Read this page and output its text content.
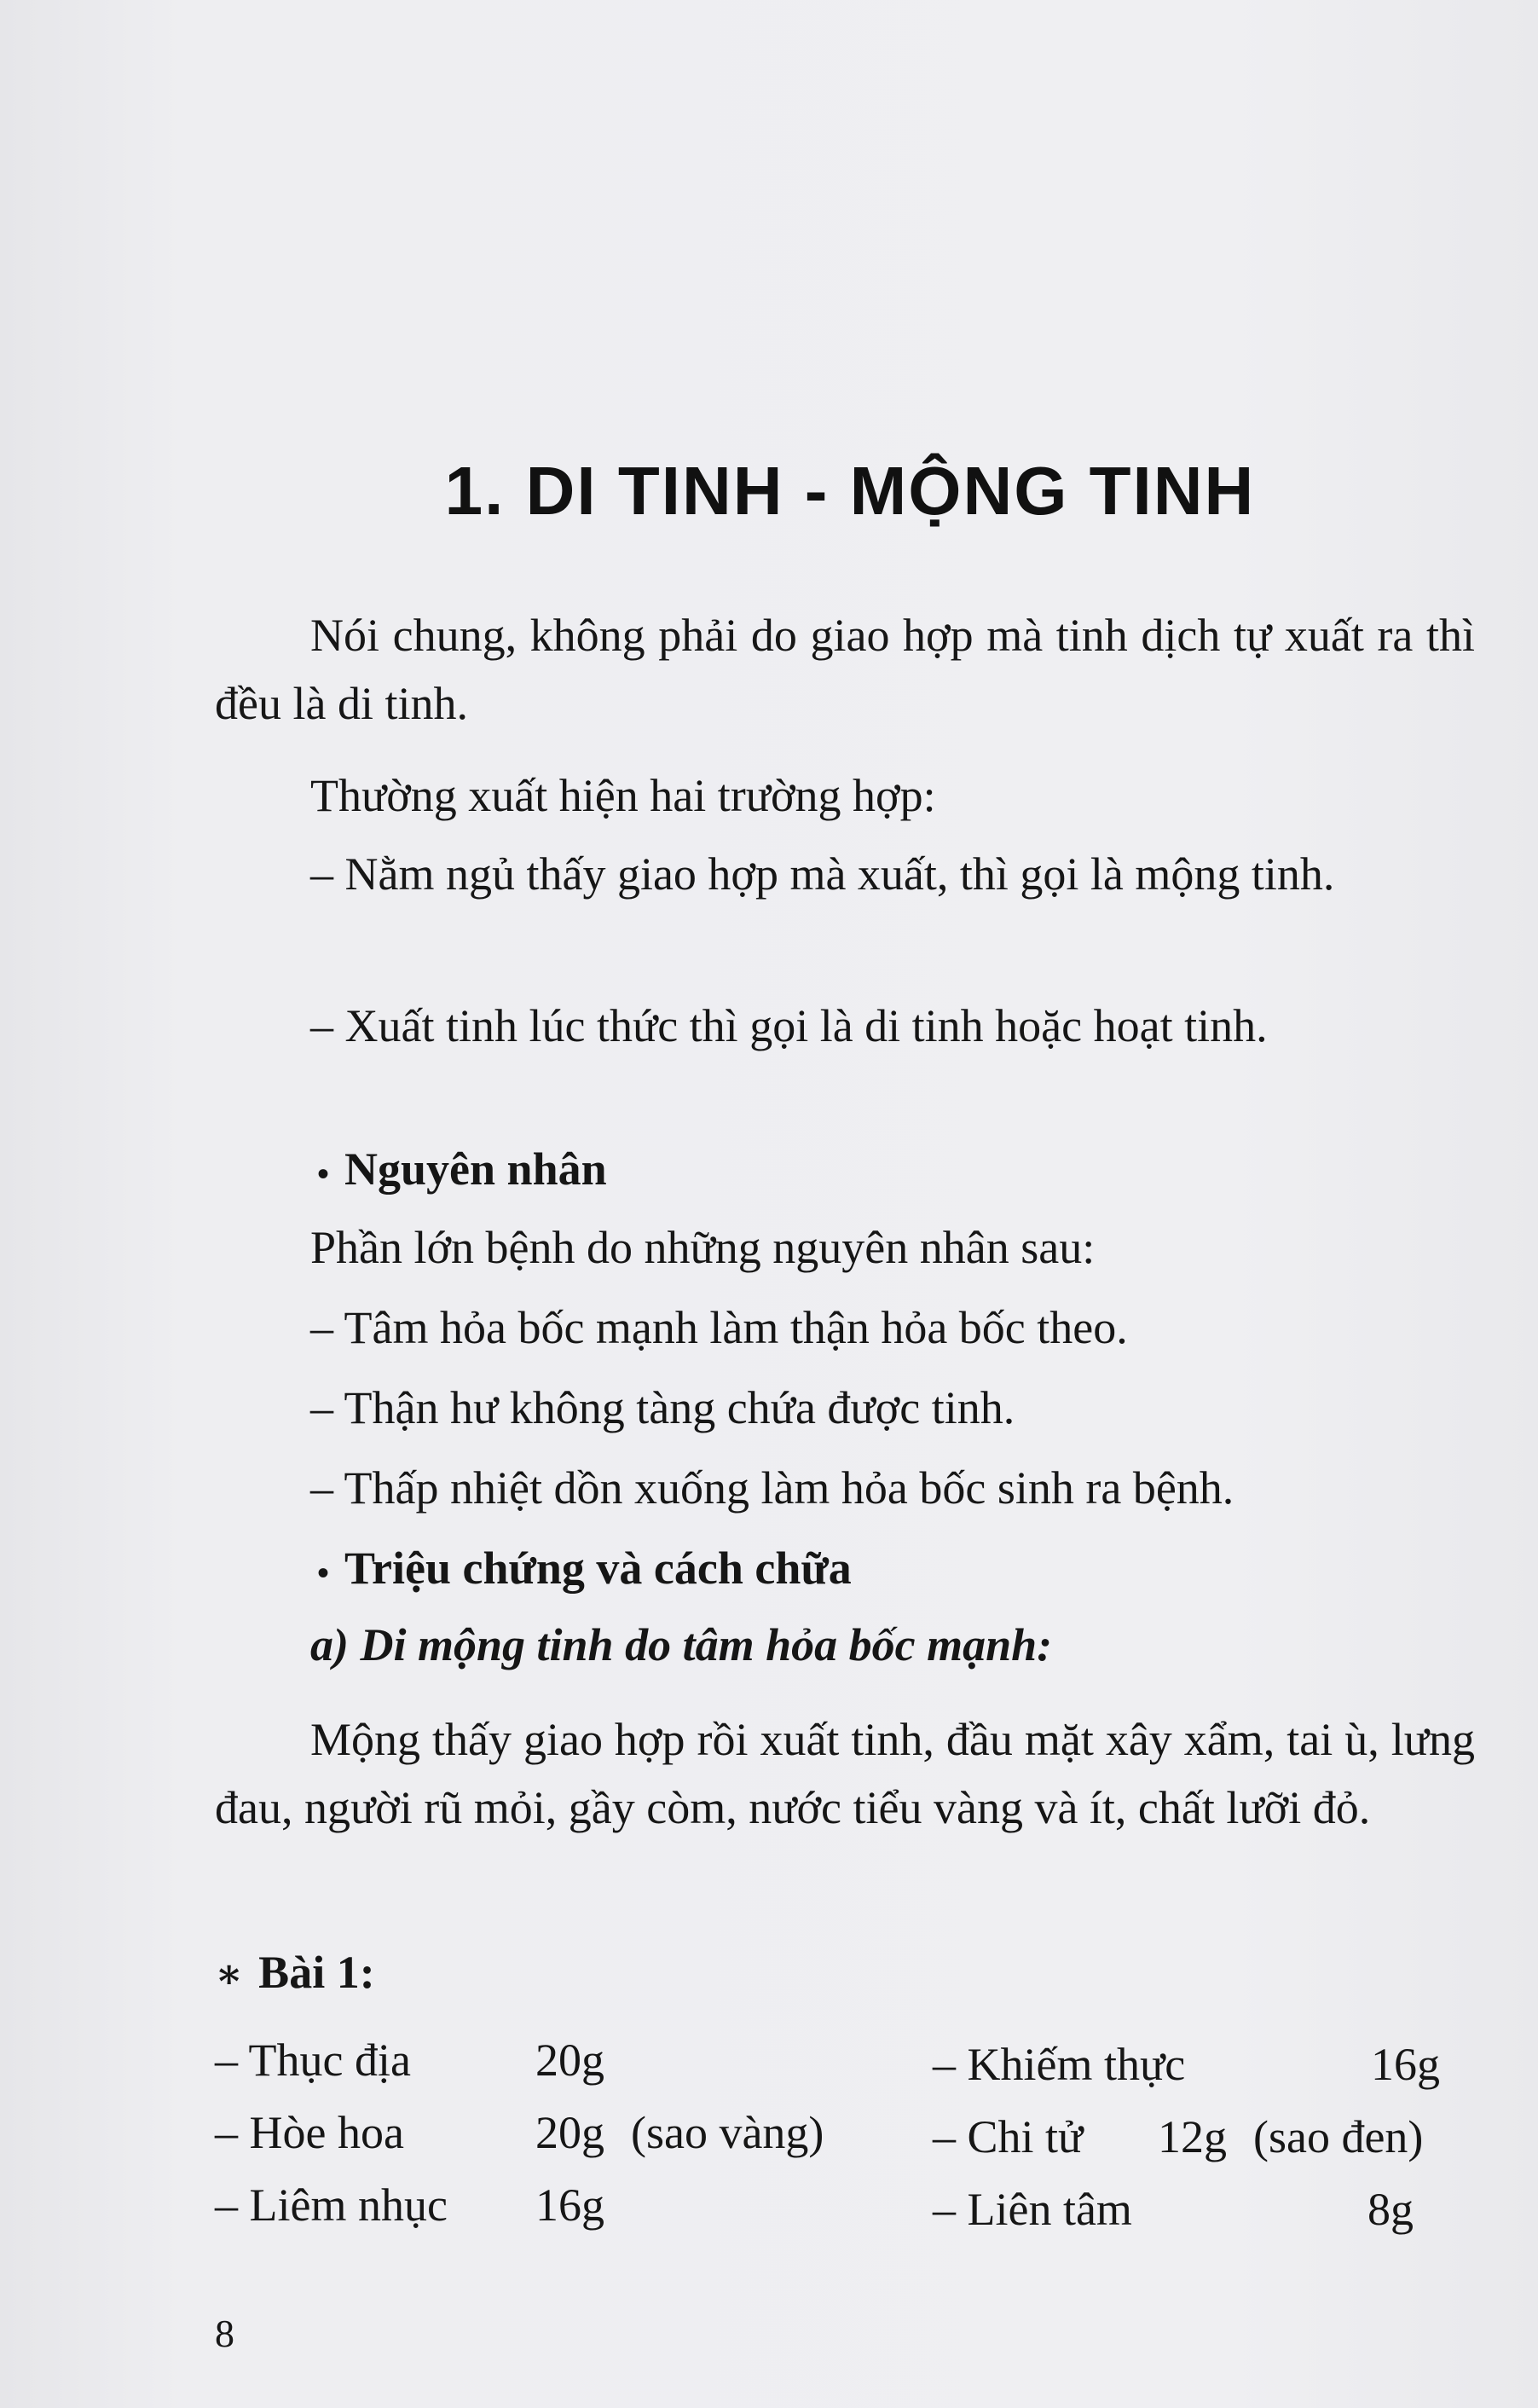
1. DI TINH - MỘNG TINH

Nói chung, không phải do giao hợp mà tinh dịch tự xuất ra thì đều là di tinh.

Thường xuất hiện hai trường hợp:

– Nằm ngủ thấy giao hợp mà xuất, thì gọi là mộng tinh.

– Xuất tinh lúc thức thì gọi là di tinh hoặc hoạt tinh.

• Nguyên nhân
Phần lớn bệnh do những nguyên nhân sau:
– Tâm hỏa bốc mạnh làm thận hỏa bốc theo.
– Thận hư không tàng chứa được tinh.
– Thấp nhiệt dồn xuống làm hỏa bốc sinh ra bệnh.
• Triệu chứng và cách chữa
a) Di mộng tinh do tâm hỏa bốc mạnh:

Mộng thấy giao hợp rồi xuất tinh, đầu mặt xây xẩm, tai ù, lưng đau, người rũ mỏi, gầy còm, nước tiểu vàng và ít, chất lưỡi đỏ.

∗ Bài 1:
– Thục địa	20g
– Hòe hoa	20g (sao vàng)
– Liêm nhục 16g
– Khiếm thực	16g
– Chi tử 12g (sao đen)
– Liên tâm	8g
8
